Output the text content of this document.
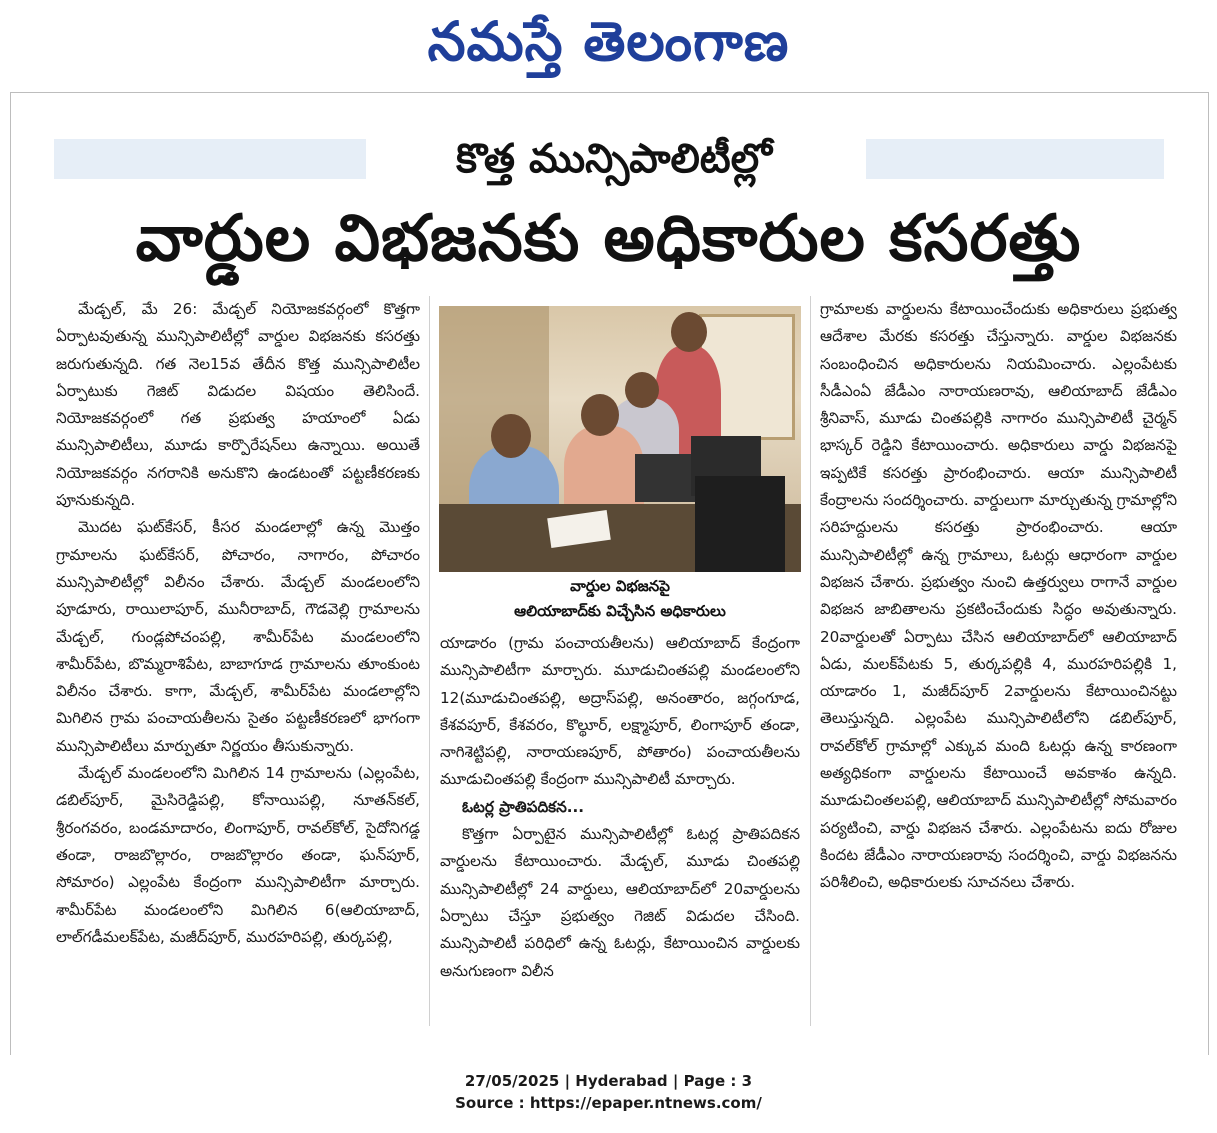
నమస్తే తెలంగాణ
కొత్త మున్సిపాలిటీల్లో
వార్డుల విభజనకు అధికారుల కసరత్తు

మేడ్చల్‌, మే 26: మేడ్చల్‌ నియోజకవర్గంలో కొత్తగా ఏర్పాటవుతున్న మున్సిపాలిటీల్లో వార్డుల విభజనకు కసరత్తు జరుగుతున్నది. గత నెల15వ తేదీన కొత్త మున్సిపాలిటీల ఏర్పాటుకు గెజిట్‌ విడుదల విషయం తెలిసిందే. నియోజకవర్గంలో గత ప్రభుత్వ హయాంలో ఏడు మున్సిపాలిటీలు, మూడు కార్పొరేషన్‌లు ఉన్నాయి. అయితే నియోజకవర్గం నగరానికి అనుకొని ఉండటంతో పట్టణీకరణకు పూనుకున్నది.

మొదట ఘట్‌కేసర్‌, కీసర మండలాల్లో ఉన్న మొత్తం గ్రామాలను ఘట్‌కేసర్‌, పోచారం, నాగారం, పోచారం మున్సిపాలిటీల్లో విలీనం చేశారు. మేడ్చల్‌ మండలంలోని పూడూరు, రాయిలాపూర్‌, మునీరాబాద్‌, గౌడవెల్లి గ్రామాలను మేడ్చల్‌, గుండ్లపోచంపల్లి, శామీర్‌పేట మండలంలోని శామీర్‌పేట, బొమ్మరాశిపేట, బాబాగూడ గ్రామాలను తూంకుంట విలీనం చేశారు. కాగా, మేడ్చల్‌, శామీర్‌పేట మండలాల్లోని మిగిలిన గ్రామ పంచాయతీలను సైతం పట్టణీకరణలో భాగంగా మున్సిపాలిటీలు మార్పుతూ నిర్ణయం తీసుకున్నారు.

మేడ్చల్‌ మండలంలోని మిగిలిన 14 గ్రామాలను (ఎల్లంపేట, డబిల్‌పూర్‌, మైసిరెడ్డిపల్లి, కోనాయిపల్లి, నూతన్‌కల్‌, శ్రీరంగవరం, బండమాదారం, లింగాపూర్‌, రావల్‌కోల్‌, సైదోనిగడ్డ తండా, రాజబొల్లారం, రాజబొల్లారం తండా, ఘన్‌పూర్‌, సోమారం) ఎల్లంపేట కేంద్రంగా మున్సిపాలిటీగా మార్చారు. శామీర్‌పేట మండలంలోని మిగిలిన 6(ఆలియాబాద్‌, లాల్‌గడీమలక్‌పేట, మజీద్‌పూర్‌, మురహరిపల్లి, తుర్కపల్లి,

వార్డుల విభజనపై
ఆలియాబాద్‌కు విచ్చేసిన అధికారులు

యాడారం (గ్రామ పంచాయతీలను) ఆలియాబాద్‌ కేంద్రంగా మున్సిపాలిటీగా మార్చారు. మూడుచింతపల్లి మండలంలోని 12(మూడుచింతపల్లి, అద్రాస్‌పల్లి, అనంతారం, జగ్గంగూడ, కేశవపూర్‌, కేశవరం, కొల్థూర్‌, లక్ష్మాపూర్‌, లింగాపూర్‌ తండా, నాగిశెట్టిపల్లి, నారాయణపూర్‌, పోతారం) పంచాయతీలను మూడుచింతపల్లి కేంద్రంగా మున్సిపాలిటీ మార్చారు.

ఓటర్ల ప్రాతిపదికన...

కొత్తగా ఏర్పాటైన మున్సిపాలిటీల్లో ఓటర్ల ప్రాతిపదికన వార్డులను కేటాయించారు. మేడ్చల్‌, మూడు చింతపల్లి మున్సిపాలిటీల్లో 24 వార్డులు, ఆలియాబాద్‌లో 20వార్డులను ఏర్పాటు చేస్తూ ప్రభుత్వం గెజిట్‌ విడుదల చేసింది. మున్సిపాలిటీ పరిధిలో ఉన్న ఓటర్లు, కేటాయించిన వార్డులకు అనుగుణంగా విలీన

గ్రామాలకు వార్డులను కేటాయించేందుకు అధికారులు ప్రభుత్వ ఆదేశాల మేరకు కసరత్తు చేస్తున్నారు. వార్డుల విభజనకు సంబంధించిన అధికారులను నియమించారు. ఎల్లంపేటకు సీడీఎంఏ జేడీఎం నారాయణరావు, ఆలియాబాద్‌ జేడీఎం శ్రీనివాస్‌, మూడు చింతపల్లికి నాగారం మున్సిపాలిటీ చైర్మన్‌ భాస్కర్‌ రెడ్డిని కేటాయించారు. అధికారులు వార్డు విభజనపై ఇప్పటికే కసరత్తు ప్రారంభించారు. ఆయా మున్సిపాలిటీ కేంద్రాలను సందర్శించారు. వార్డులుగా మార్చుతున్న గ్రామాల్లోని సరిహద్దులను కసరత్తు ప్రారంభించారు. ఆయా మున్సిపాలిటీల్లో ఉన్న గ్రామాలు, ఓటర్లు ఆధారంగా వార్డుల విభజన చేశారు. ప్రభుత్వం నుంచి ఉత్తర్వులు రాగానే వార్డుల విభజన జాబితాలను ప్రకటించేందుకు సిద్ధం అవుతున్నారు. 20వార్డులతో ఏర్పాటు చేసిన ఆలియాబాద్‌లో ఆలియాబాద్‌ ఏడు, మలక్‌పేటకు 5, తుర్కపల్లికి 4, మురహరిపల్లికి 1, యాడారం 1, మజీద్‌పూర్‌ 2వార్డులను కేటాయించినట్టు తెలుస్తున్నది. ఎల్లంపేట మున్సిపాలిటీలోని డబిల్‌పూర్‌, రావల్‌కోల్‌ గ్రామాల్లో ఎక్కువ మంది ఓటర్లు ఉన్న కారణంగా అత్యధికంగా వార్డులను కేటాయించే అవకాశం ఉన్నది. మూడుచింతలపల్లి, ఆలియాబాద్‌ మున్సిపాలిటీల్లో సోమవారం పర్యటించి, వార్డు విభజన చేశారు. ఎల్లంపేటను ఐదు రోజుల కిందట జేడీఎం నారాయణరావు సందర్శించి, వార్డు విభజనను పరిశీలించి, అధికారులకు సూచనలు చేశారు.

27/05/2025 | Hyderabad | Page : 3
Source : https://epaper.ntnews.com/
